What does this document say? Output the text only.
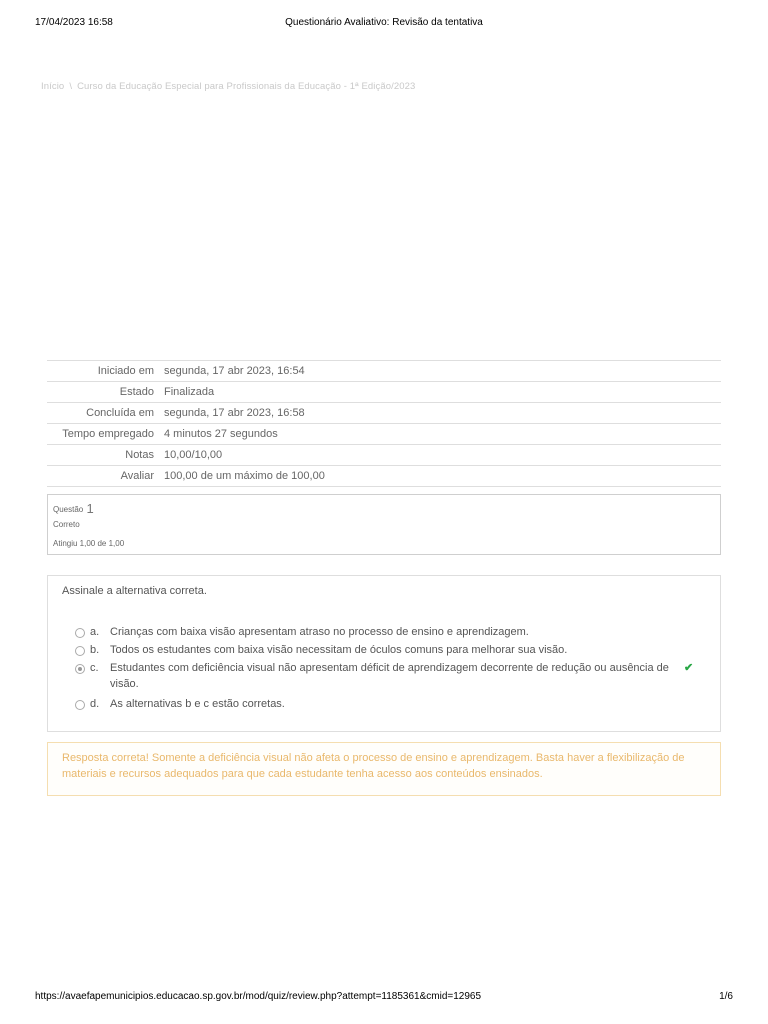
17/04/2023 16:58	Questionário Avaliativo: Revisão da tentativa
Início \ Curso da Educação Especial para Profissionais da Educação - 1ª Edição/2023
Iniciado em	segunda, 17 abr 2023, 16:54
Estado	Finalizada
Concluída em	segunda, 17 abr 2023, 16:58
Tempo empregado	4 minutos 27 segundos
Notas	10,00/10,00
Avaliar	100,00 de um máximo de 100,00
Questão 1
Correto
Atingiu 1,00 de 1,00
Assinale a alternativa correta.
a. Crianças com baixa visão apresentam atraso no processo de ensino e aprendizagem.
b. Todos os estudantes com baixa visão necessitam de óculos comuns para melhorar sua visão.
c. Estudantes com deficiência visual não apresentam déficit de aprendizagem decorrente de redução ou ausência de visão.
✔
d. As alternativas b e c estão corretas.
Resposta correta! Somente a deficiência visual não afeta o processo de ensino e aprendizagem. Basta haver a flexibilização de materiais e recursos adequados para que cada estudante tenha acesso aos conteúdos ensinados.
https://avaefapemunicipios.educacao.sp.gov.br/mod/quiz/review.php?attempt=1185361&cmid=12965	1/6
